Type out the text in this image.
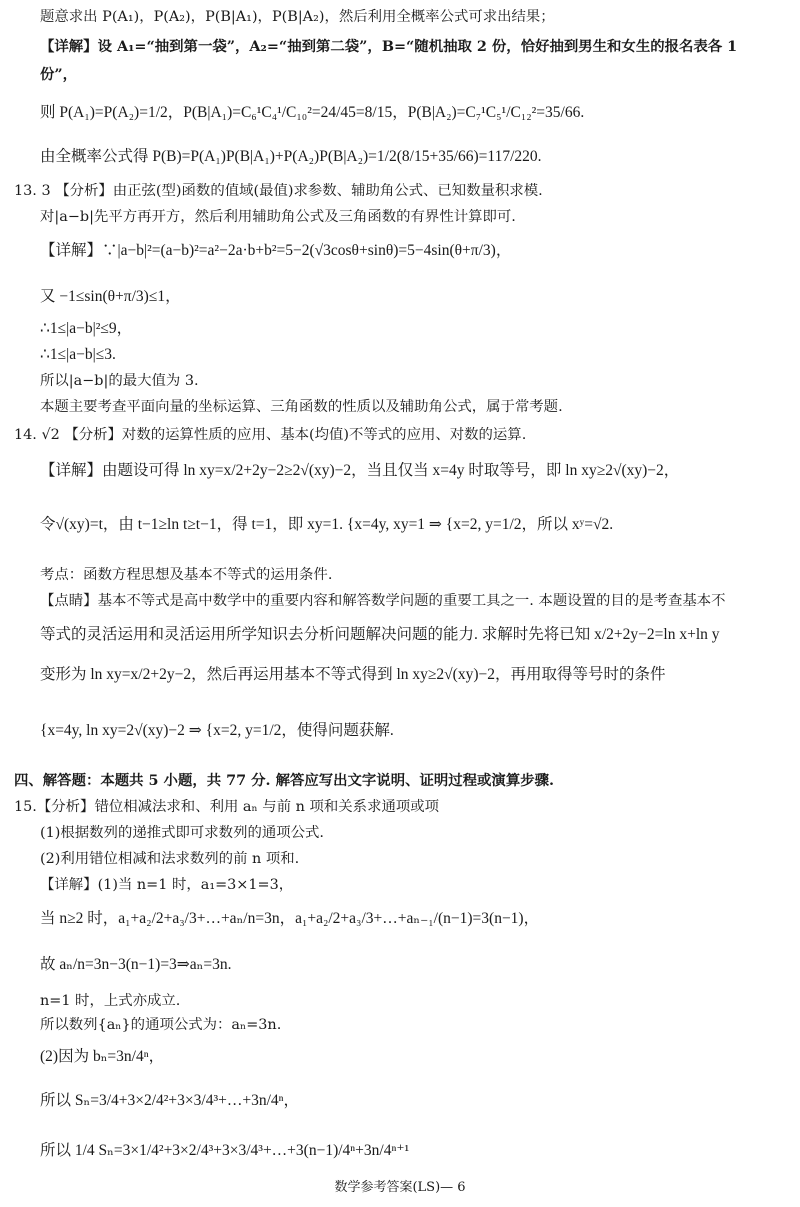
题意求出 P(A₁)，P(A₂)，P(B|A₁)，P(B|A₂)，然后利用全概率公式可求出结果；
【详解】设 A₁=“抽到第一袋”，A₂=“抽到第二袋”，B=“随机抽取 2 份，恰好抽到男生和女生的报名表各 1
份”，
则 P(A₁)=P(A₂)=1/2，P(B|A₁)=C₆¹C₄¹/C₁₀²=24/45=8/15，P(B|A₂)=C₇¹C₅¹/C₁₂²=35/66.
由全概率公式得 P(B)=P(A₁)P(B|A₁)+P(A₂)P(B|A₂)=1/2(8/15+35/66)=117/220.
13. 3 【分析】由正弦(型)函数的值域(最值)求参数、辅助角公式、已知数量积求模.
对|a−b|先平方再开方，然后利用辅助角公式及三角函数的有界性计算即可.
【详解】∵|a−b|²=(a−b)²=a²−2a·b+b²=5−2(√3cosθ+sinθ)=5−4sin(θ+π/3)，
又 −1≤sin(θ+π/3)≤1，
∴1≤|a−b|²≤9，
∴1≤|a−b|≤3.
所以|a−b|的最大值为 3.
本题主要考查平面向量的坐标运算、三角函数的性质以及辅助角公式，属于常考题.
14. √2 【分析】对数的运算性质的应用、基本(均值)不等式的应用、对数的运算.
【详解】由题设可得 ln xy=x/2+2y−2≥2√(xy)−2，当且仅当 x=4y 时取等号，即 ln xy≥2√(xy)−2，
令√(xy)=t，由 t−1≥ln t≥t−1，得 t=1，即 xy=1. {x=4y, xy=1 ⇒ {x=2, y=1/2，所以 xʸ=√2.
考点：函数方程思想及基本不等式的运用条件.
【点睛】基本不等式是高中数学中的重要内容和解答数学问题的重要工具之一. 本题设置的目的是考查基本不
等式的灵活运用和灵活运用所学知识去分析问题解决问题的能力. 求解时先将已知 x/2+2y−2=ln x+ln y
变形为 ln xy=x/2+2y−2，然后再运用基本不等式得到 ln xy≥2√(xy)−2，再用取得等号时的条件
{x=4y, ln xy=2√(xy)−2 ⇒ {x=2, y=1/2，使得问题获解.
四、解答题：本题共 5 小题，共 77 分. 解答应写出文字说明、证明过程或演算步骤.
15.【分析】错位相减法求和、利用 aₙ 与前 n 项和关系求通项或项
(1)根据数列的递推式即可求数列的通项公式.
(2)利用错位相减和法求数列的前 n 项和.
【详解】(1)当 n=1 时，a₁=3×1=3，
当 n≥2 时，a₁+a₂/2+a₃/3+…+aₙ/n=3n，a₁+a₂/2+a₃/3+…+aₙ₋₁/(n−1)=3(n−1)，
故 aₙ/n=3n−3(n−1)=3⇒aₙ=3n.
n=1 时，上式亦成立.
所以数列{aₙ}的通项公式为：aₙ=3n.
(2)因为 bₙ=3n/4ⁿ，
所以 Sₙ=3/4+3×2/4²+3×3/4³+…+3n/4ⁿ，
所以 1/4 Sₙ=3×1/4²+3×2/4³+3×3/4³+…+3(n−1)/4ⁿ+3n/4ⁿ⁺¹
数学参考答案(LS)— 6
